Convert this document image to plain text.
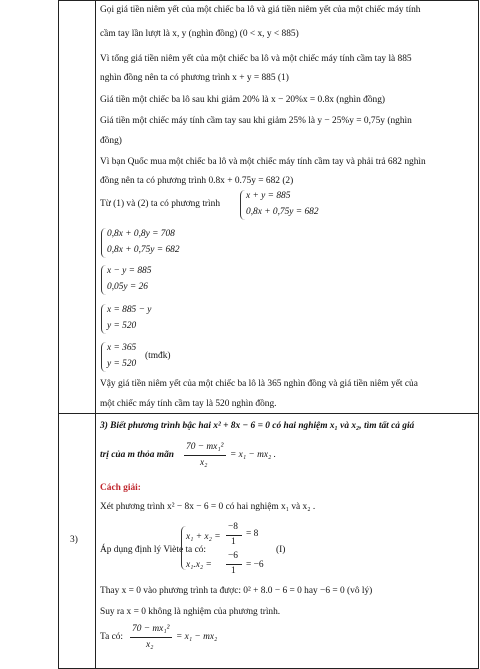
Gọi giá tiền niêm yết của một chiếc ba lô và giá tiền niêm yết của một chiếc máy tính
cầm tay lần lượt là x, y (nghìn đồng) (0 < x, y < 885)
Vì tổng giá tiền niêm yết của một chiếc ba lô và một chiếc máy tính cầm tay là 885
nghìn đồng nên ta có phương trình x + y = 885 (1)
Giá tiền một chiếc ba lô sau khi giảm 20% là x − 20%x = 0.8x (nghìn đồng)
Giá tiền một chiếc máy tính cầm tay sau khi giảm 25% là y − 25%y = 0,75y (nghìn
đồng)
Vì bạn Quốc mua một chiếc ba lô và một chiếc máy tính cầm tay và phải trả 682 nghìn
đồng nên ta có phương trình 0.8x + 0.75y = 682 (2)
Từ (1) và (2) ta có phương trình
x + y = 885
0,8x + 0,75y = 682
0,8x + 0,8y = 708
0,8x + 0,75y = 682
x − y = 885
0,05y = 26
x = 885 − y
y = 520
x = 365
y = 520
(tmđk)
Vậy giá tiền niêm yết của một chiếc ba lô là 365 nghìn đồng và giá tiền niêm yết của
một chiếc máy tính cầm tay là 520 nghìn đồng.
3)
3) Biết phương trình bậc hai x² + 8x − 6 = 0 có hai nghiệm x₁ và x₂, tìm tất cả giá
trị của m thỏa mãn
70 − mx₁²
x₂
= x₁ − mx₂ .
Cách giải:
Xét phương trình x² − 8x − 6 = 0 có hai nghiệm x₁ và x₂ .
Áp dụng định lý Viète ta có:
x₁ + x₂ =
−8
1
= 8
x₁.x₂ =
−6
1
= −6
(I)
Thay x = 0 vào phương trình ta được: 0² + 8.0 − 6 = 0 hay −6 = 0 (vô lý)
Suy ra x = 0 không là nghiệm của phương trình.
Ta có:
70 − mx₁²
x₂
= x₁ − mx₂
